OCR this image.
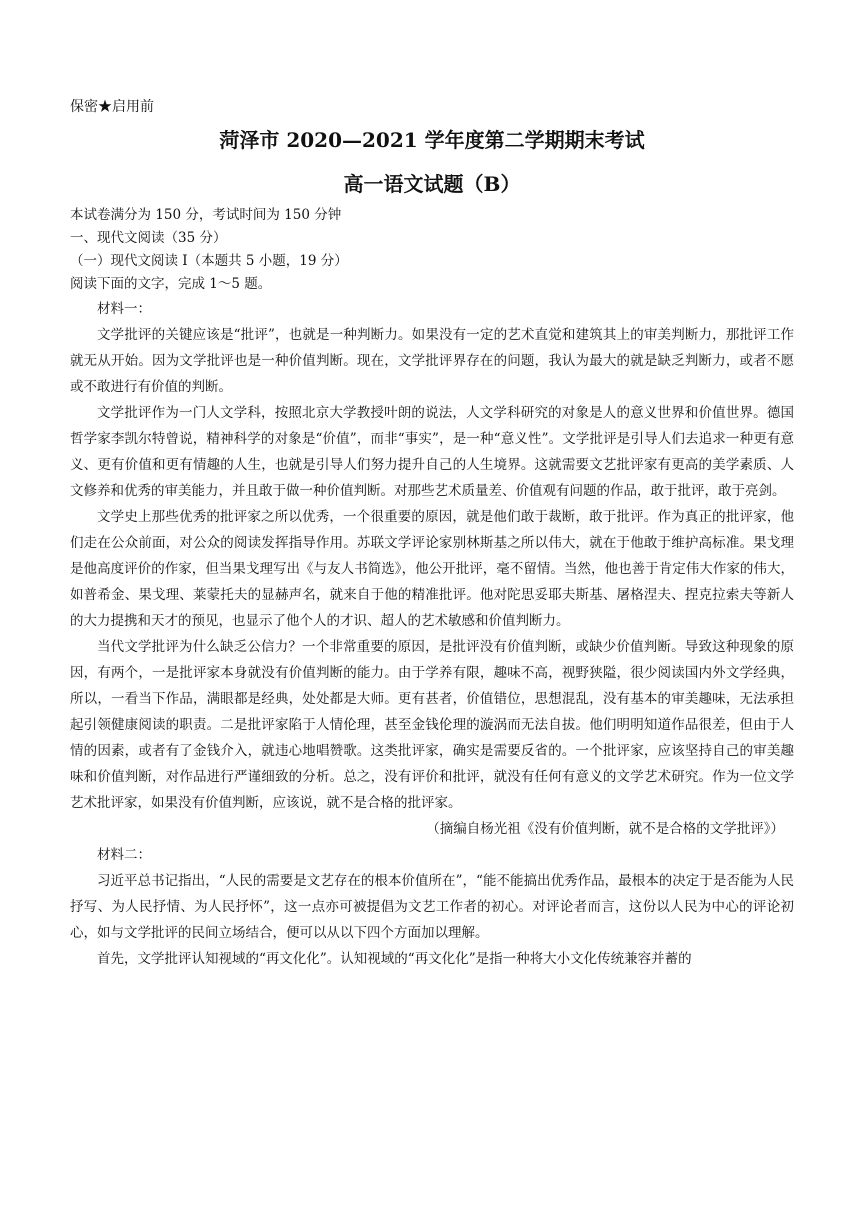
保密★启用前

菏泽市 2020—2021 学年度第二学期期末考试

高一语文试题（B）

本试卷满分为 150 分，考试时间为 150 分钟

一、现代文阅读（35 分）

（一）现代文阅读 I（本题共 5 小题，19 分）

阅读下面的文字，完成 1～5 题。

材料一：

文学批评的关键应该是“批评”，也就是一种判断力。如果没有一定的艺术直觉和建筑其上的审美判断力，那批评工作就无从开始。因为文学批评也是一种价值判断。现在，文学批评界存在的问题，我认为最大的就是缺乏判断力，或者不愿或不敢进行有价值的判断。

文学批评作为一门人文学科，按照北京大学教授叶朗的说法，人文学科研究的对象是人的意义世界和价值世界。德国哲学家李凯尔特曾说，精神科学的对象是“价值”，而非“事实”，是一种“意义性”。文学批评是引导人们去追求一种更有意义、更有价值和更有情趣的人生，也就是引导人们努力提升自己的人生境界。这就需要文艺批评家有更高的美学素质、人文修养和优秀的审美能力，并且敢于做一种价值判断。对那些艺术质量差、价值观有问题的作品，敢于批评，敢于亮剑。

文学史上那些优秀的批评家之所以优秀，一个很重要的原因，就是他们敢于裁断，敢于批评。作为真正的批评家，他们走在公众前面，对公众的阅读发挥指导作用。苏联文学评论家别林斯基之所以伟大，就在于他敢于维护高标准。果戈理是他高度评价的作家，但当果戈理写出《与友人书简选》，他公开批评，毫不留情。当然，他也善于肯定伟大作家的伟大，如普希金、果戈理、莱蒙托夫的显赫声名，就来自于他的精准批评。他对陀思妥耶夫斯基、屠格涅夫、捏克拉索夫等新人的大力提携和天才的预见，也显示了他个人的才识、超人的艺术敏感和价值判断力。

当代文学批评为什么缺乏公信力？一个非常重要的原因，是批评没有价值判断，或缺少价值判断。导致这种现象的原因，有两个，一是批评家本身就没有价值判断的能力。由于学养有限，趣味不高，视野狭隘，很少阅读国内外文学经典，所以，一看当下作品，满眼都是经典，处处都是大师。更有甚者，价值错位，思想混乱，没有基本的审美趣味，无法承担起引领健康阅读的职责。二是批评家陷于人情伦理，甚至金钱伦理的漩涡而无法自拔。他们明明知道作品很差，但由于人情的因素，或者有了金钱介入，就违心地唱赞歌。这类批评家，确实是需要反省的。一个批评家，应该坚持自己的审美趣味和价值判断，对作品进行严谨细致的分析。总之，没有评价和批评，就没有任何有意义的文学艺术研究。作为一位文学艺术批评家，如果没有价值判断，应该说，就不是合格的批评家。

（摘编自杨光祖《没有价值判断，就不是合格的文学批评》）

材料二：

习近平总书记指出，“人民的需要是文艺存在的根本价值所在”，“能不能搞出优秀作品，最根本的决定于是否能为人民抒写、为人民抒情、为人民抒怀”，这一点亦可被提倡为文艺工作者的初心。对评论者而言，这份以人民为中心的评论初心，如与文学批评的民间立场结合，便可以从以下四个方面加以理解。

首先，文学批评认知视域的“再文化化”。认知视域的“再文化化”是指一种将大小文化传统兼容并蓄的
